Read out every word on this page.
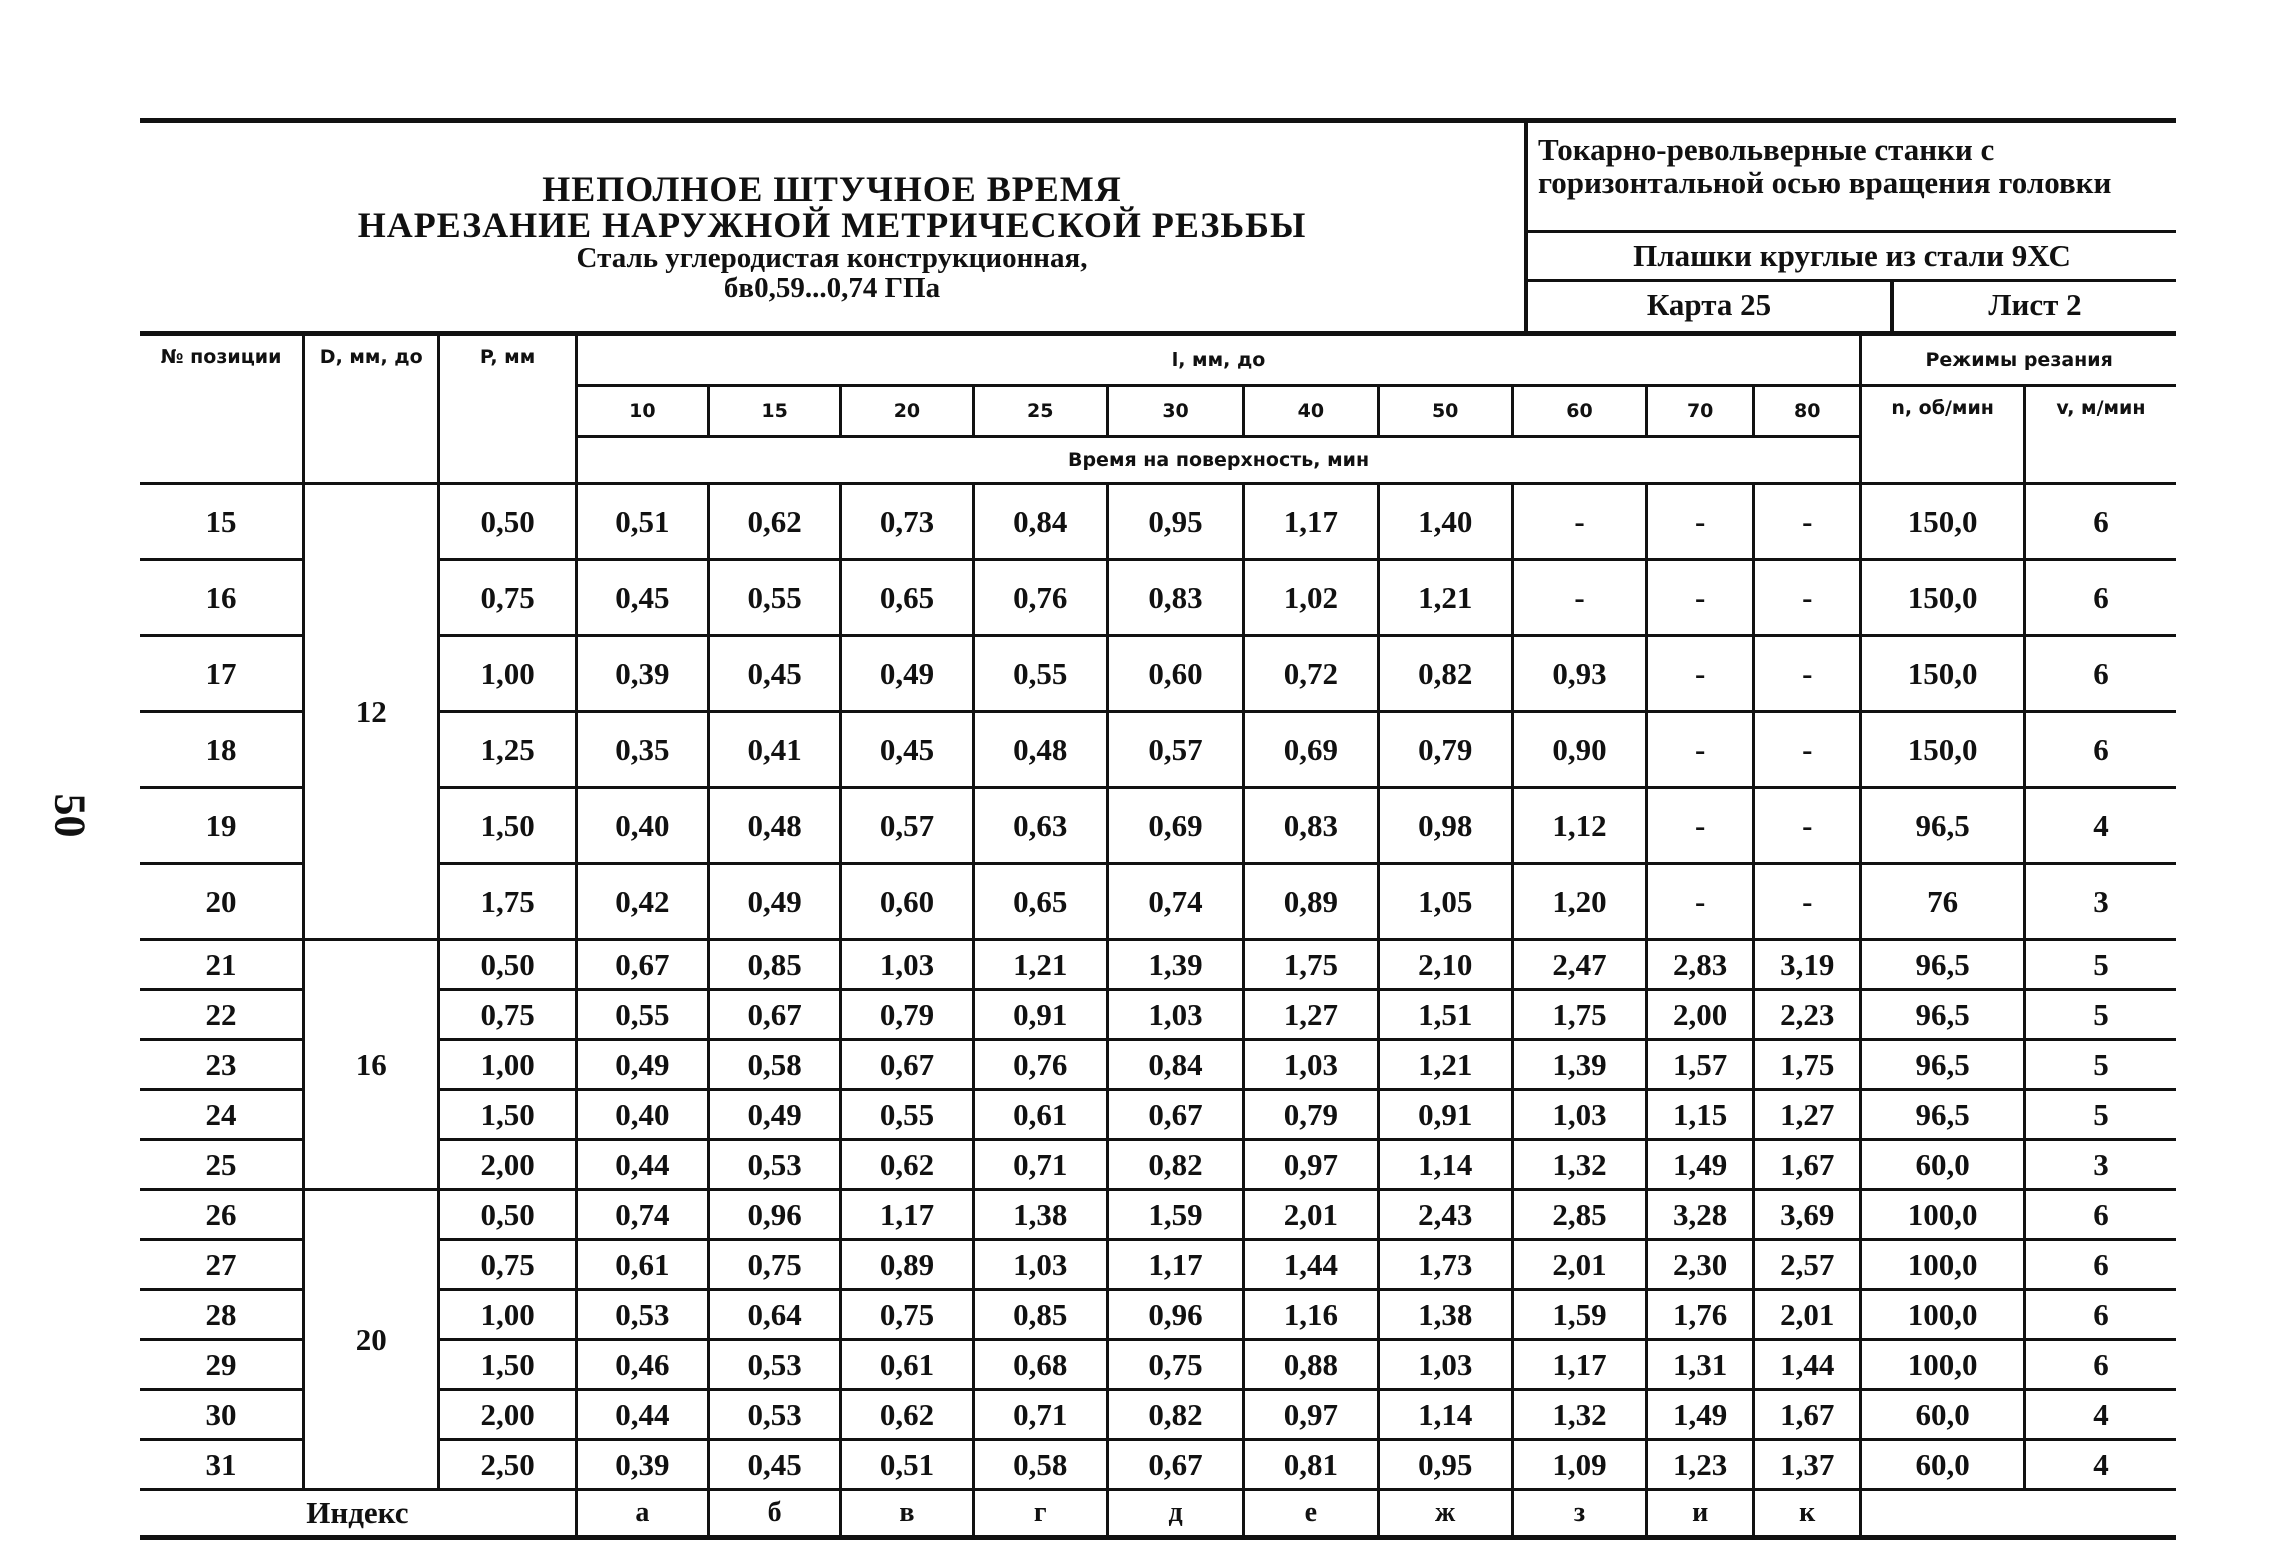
50
НЕПОЛНОЕ ШТУЧНОЕ ВРЕМЯ
НАРЕЗАНИЕ НАРУЖНОЙ МЕТРИЧЕСКОЙ РЕЗЬБЫ
Сталь углеродистая конструкционная,
бв0,59...0,74 ГПа
Токарно-револьверные станки с горизонтальной осью вращения головки
Плашки круглые из стали 9ХС
Карта 25	Лист 2
№ позиции	D, мм, до	P, мм	l, мм, до										Режимы резания	
			10	15	20	25	30	40	50	60	70	80	n, об/мин	v, м/мин
			Время на поверхность, мин											
15	12	0,50	0,51	0,62	0,73	0,84	0,95	1,17	1,40	-	-	-	150,0	6
16		0,75	0,45	0,55	0,65	0,76	0,83	1,02	1,21	-	-	-	150,0	6
17		1,00	0,39	0,45	0,49	0,55	0,60	0,72	0,82	0,93	-	-	150,0	6
18		1,25	0,35	0,41	0,45	0,48	0,57	0,69	0,79	0,90	-	-	150,0	6
19		1,50	0,40	0,48	0,57	0,63	0,69	0,83	0,98	1,12	-	-	96,5	4
20		1,75	0,42	0,49	0,60	0,65	0,74	0,89	1,05	1,20	-	-	76	3
21	16	0,50	0,67	0,85	1,03	1,21	1,39	1,75	2,10	2,47	2,83	3,19	96,5	5
22		0,75	0,55	0,67	0,79	0,91	1,03	1,27	1,51	1,75	2,00	2,23	96,5	5
23		1,00	0,49	0,58	0,67	0,76	0,84	1,03	1,21	1,39	1,57	1,75	96,5	5
24		1,50	0,40	0,49	0,55	0,61	0,67	0,79	0,91	1,03	1,15	1,27	96,5	5
25		2,00	0,44	0,53	0,62	0,71	0,82	0,97	1,14	1,32	1,49	1,67	60,0	3
26	20	0,50	0,74	0,96	1,17	1,38	1,59	2,01	2,43	2,85	3,28	3,69	100,0	6
27		0,75	0,61	0,75	0,89	1,03	1,17	1,44	1,73	2,01	2,30	2,57	100,0	6
28		1,00	0,53	0,64	0,75	0,85	0,96	1,16	1,38	1,59	1,76	2,01	100,0	6
29		1,50	0,46	0,53	0,61	0,68	0,75	0,88	1,03	1,17	1,31	1,44	100,0	6
30		2,00	0,44	0,53	0,62	0,71	0,82	0,97	1,14	1,32	1,49	1,67	60,0	4
31		2,50	0,39	0,45	0,51	0,58	0,67	0,81	0,95	1,09	1,23	1,37	60,0	4
Индекс			а	б	в	г	д	е	ж	з	и	к		
